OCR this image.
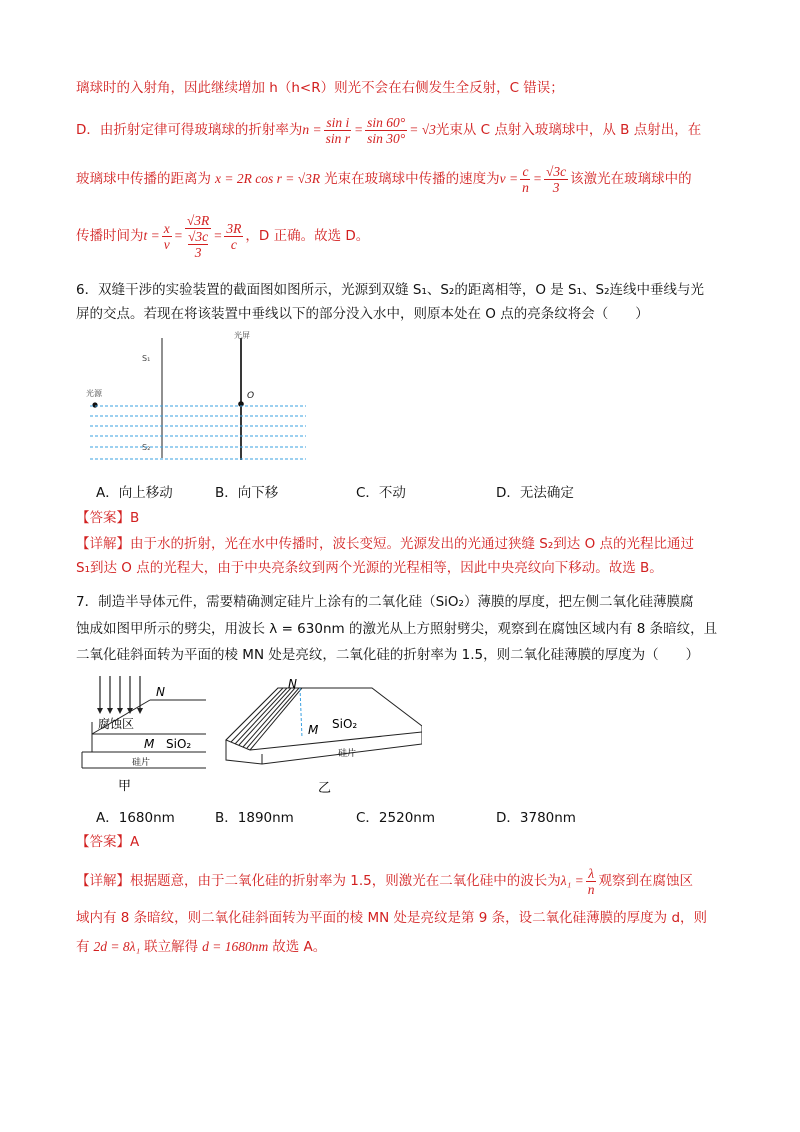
璃球时的入射角，因此继续增加 h（h<R）则光不会在右侧发生全反射，C 错误；
D．由折射定律可得玻璃球的折射率为 $n = \frac{\text{sin i}}{\text{sin r}} = \frac{\sin 60^\circ}{\sin 30^\circ} = √3$ 光束从 C 点射入玻璃球中，从 B 点射出，在
玻璃球中传播的距离为 x = 2R cos r = √3R 光束在玻璃球中传播的速度为 $v = \frac{c}{n} = \frac{√3c}{3}$ 该激光在玻璃球中的
传播时间为 $t = \frac{x}{v} = √3R$
√3c
$3 = \frac{3R}{c}$ ，D 正确。故选 D。
6．双缝干涉的实验装置的截面图如图所示，光源到双缝 S₁、S₂的距离相等，O 是 S₁、S₂连线中垂线与光
屏的交点。若现在将该装置中垂线以下的部分没入水中，则原本处在 O 点的亮条纹将会（　　）
光屏
S₁
S₂
光源	O
A．向上移动	B．向下移	C．不动	D．无法确定
【答案】B
【详解】由于水的折射，光在水中传播时，波长变短。光源发出的光通过狭缝 S₂到达 O 点的光程比通过
S₁到达 O 点的光程大，由于中央亮条纹到两个光源的光程相等，因此中央亮纹向下移动。故选 B。
7．制造半导体元件，需要精确测定硅片上涂有的二氧化硅（SiO₂）薄膜的厚度，把左侧二氧化硅薄膜腐
蚀成如图甲所示的劈尖，用波长 λ = 630nm 的激光从上方照射劈尖，观察到在腐蚀区域内有 8 条暗纹，且
二氧化硅斜面转为平面的棱 MN 处是亮纹，二氧化硅的折射率为 1.5，则二氧化硅薄膜的厚度为（　　）
N
腐蚀区
M SiO₂
硅片
甲
N
M SiO₂
硅片
乙
A．1680nm	B．1890nm	C．2520nm	D．3780nm
【答案】A
【详解】根据题意，由于二氧化硅的折射率为 1.5，则激光在二氧化硅中的波长为 $\lambda_1 = \frac{\lambda}{n}$ 观察到在腐蚀区
域内有 8 条暗纹，则二氧化硅斜面转为平面的棱 MN 处是亮纹是第 9 条，设二氧化硅薄膜的厚度为 d，则
有 2d = 8λ₁ 联立解得 d = 1680nm 故选 A。
